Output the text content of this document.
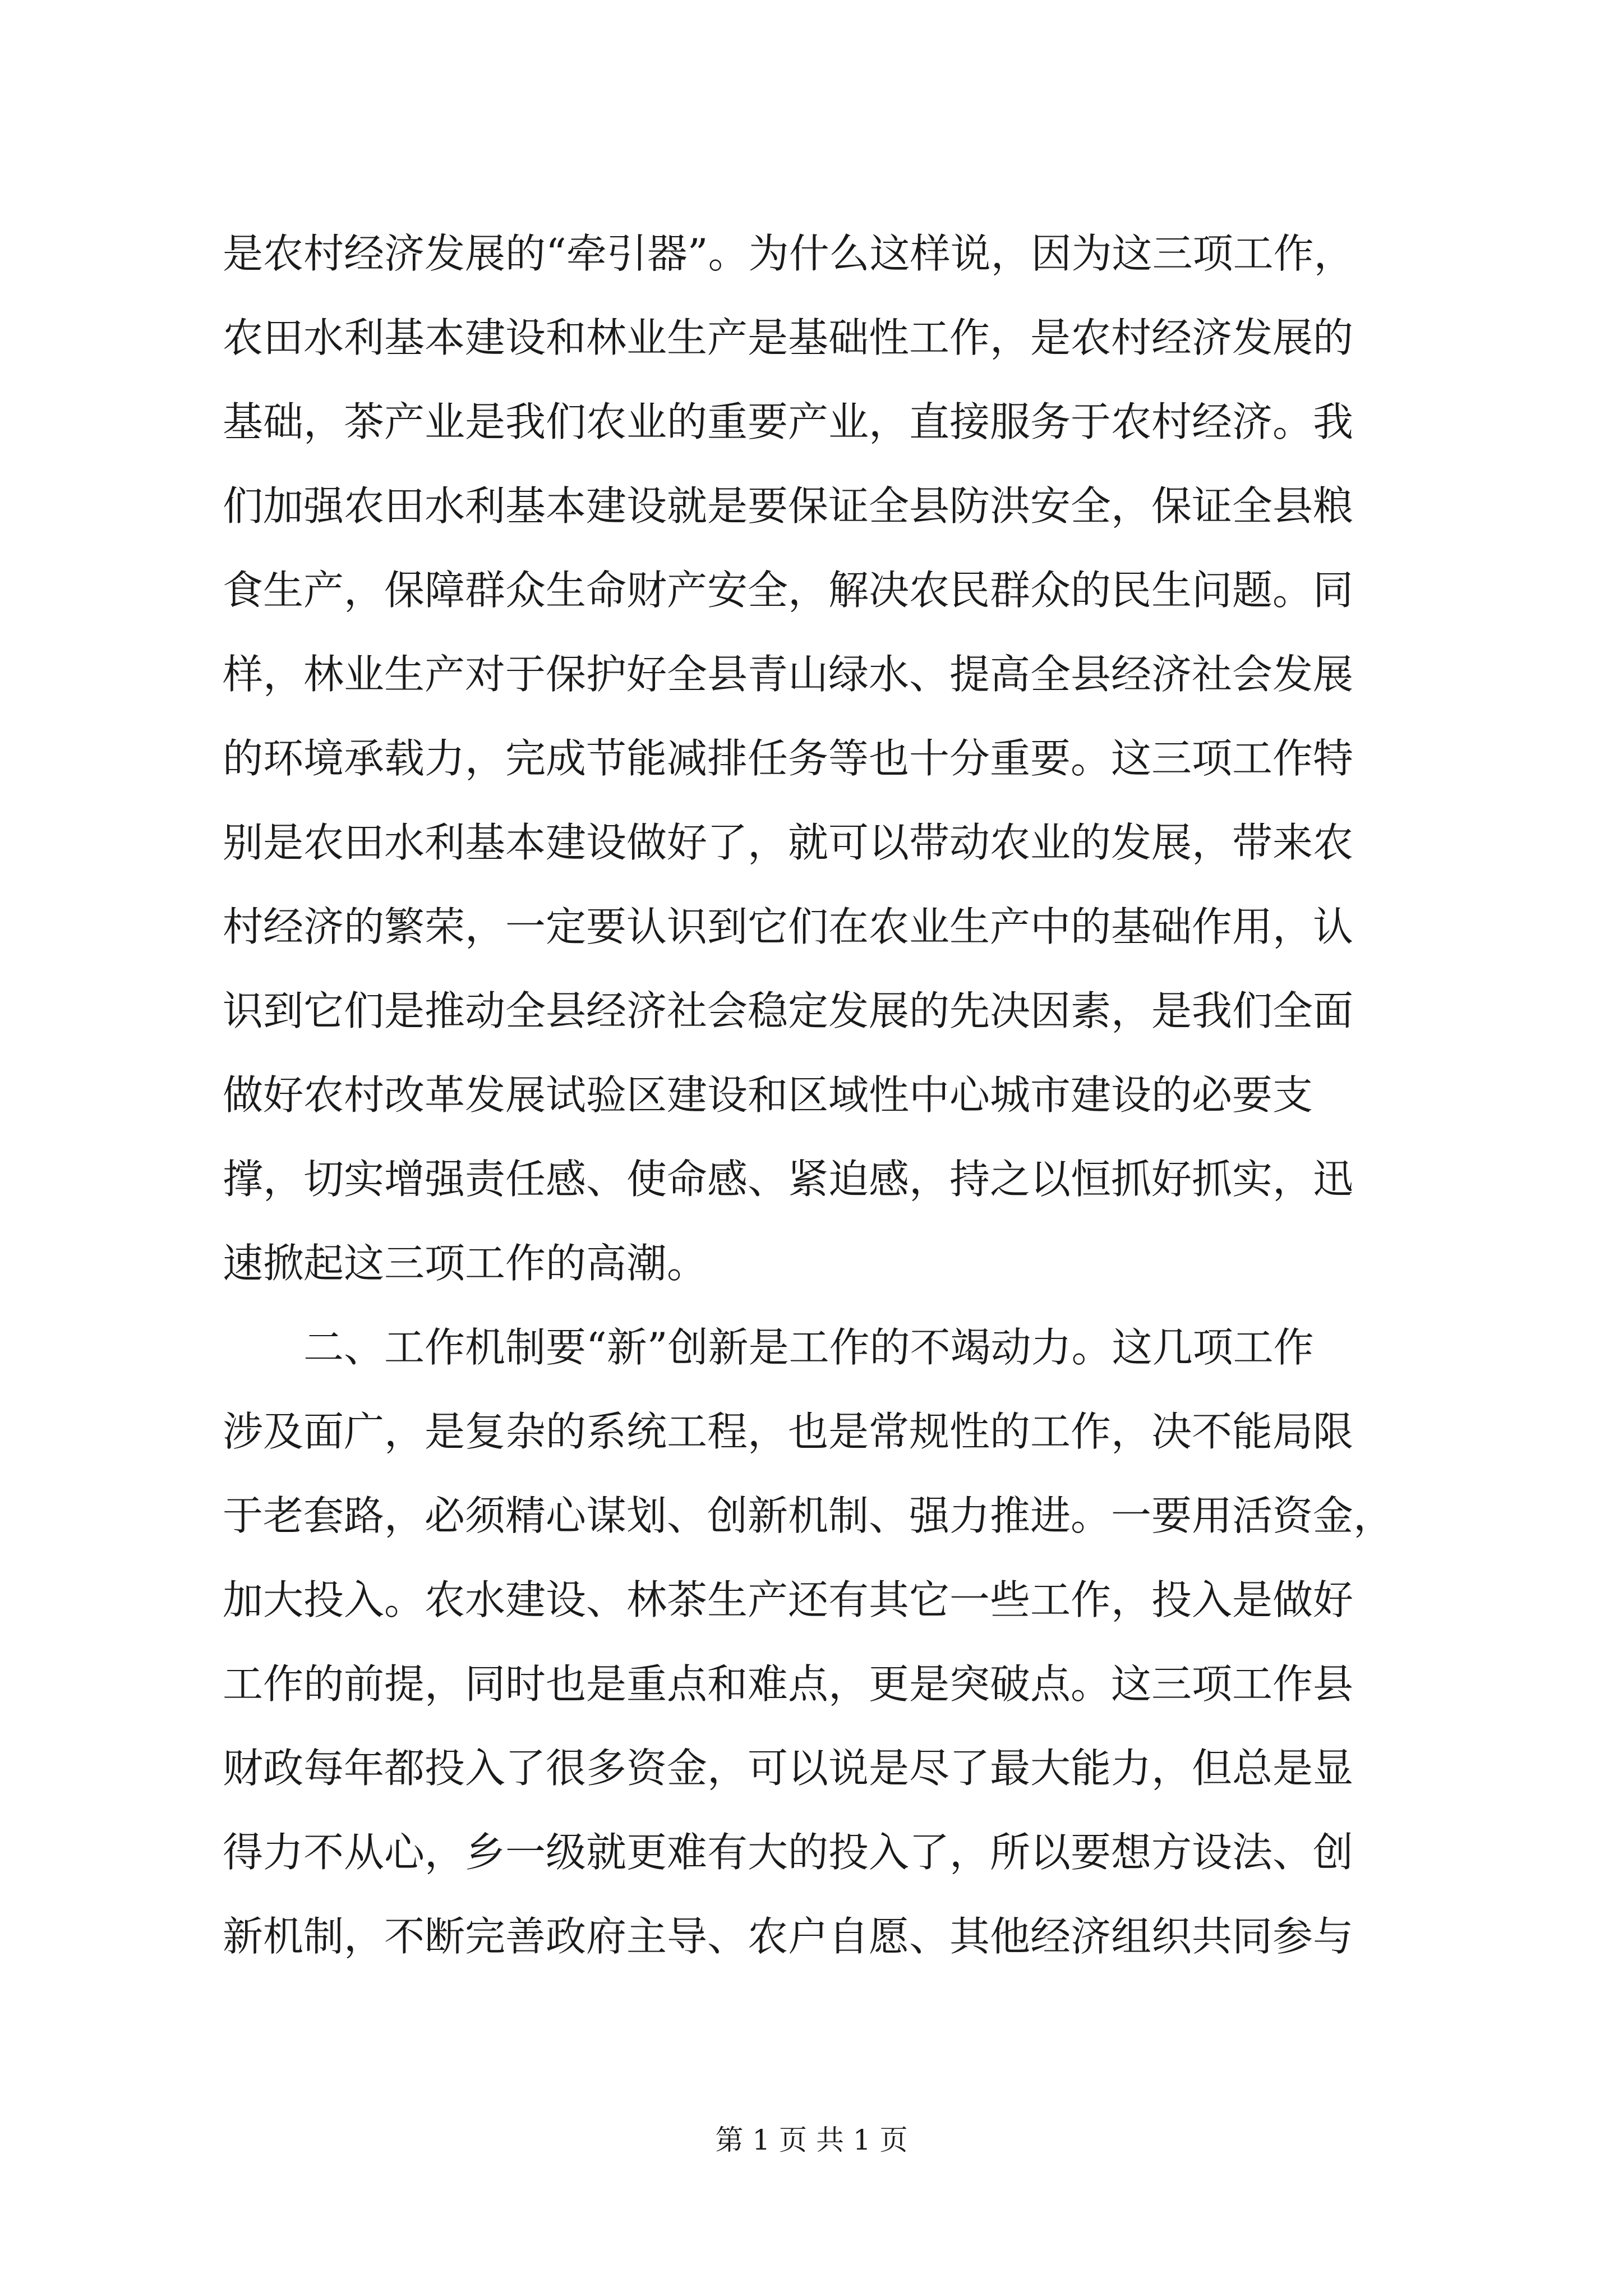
是农村经济发展的“牵引器”。为什么这样说，因为这三项工作，
农田水利基本建设和林业生产是基础性工作，是农村经济发展的
基础，茶产业是我们农业的重要产业，直接服务于农村经济。我
们加强农田水利基本建设就是要保证全县防洪安全，保证全县粮
食生产，保障群众生命财产安全，解决农民群众的民生问题。同
样，林业生产对于保护好全县青山绿水、提高全县经济社会发展
的环境承载力，完成节能减排任务等也十分重要。这三项工作特
别是农田水利基本建设做好了，就可以带动农业的发展，带来农
村经济的繁荣，一定要认识到它们在农业生产中的基础作用，认
识到它们是推动全县经济社会稳定发展的先决因素，是我们全面
做好农村改革发展试验区建设和区域性中心城市建设的必要支
撑，切实增强责任感、使命感、紧迫感，持之以恒抓好抓实，迅
速掀起这三项工作的高潮。
二、工作机制要“新”创新是工作的不竭动力。这几项工作
涉及面广，是复杂的系统工程，也是常规性的工作，决不能局限
于老套路，必须精心谋划、创新机制、强力推进。一要用活资金，
加大投入。农水建设、林茶生产还有其它一些工作，投入是做好
工作的前提，同时也是重点和难点，更是突破点。这三项工作县
财政每年都投入了很多资金，可以说是尽了最大能力，但总是显
得力不从心，乡一级就更难有大的投入了，所以要想方设法、创
新机制，不断完善政府主导、农户自愿、其他经济组织共同参与
第 1 页 共 1 页
